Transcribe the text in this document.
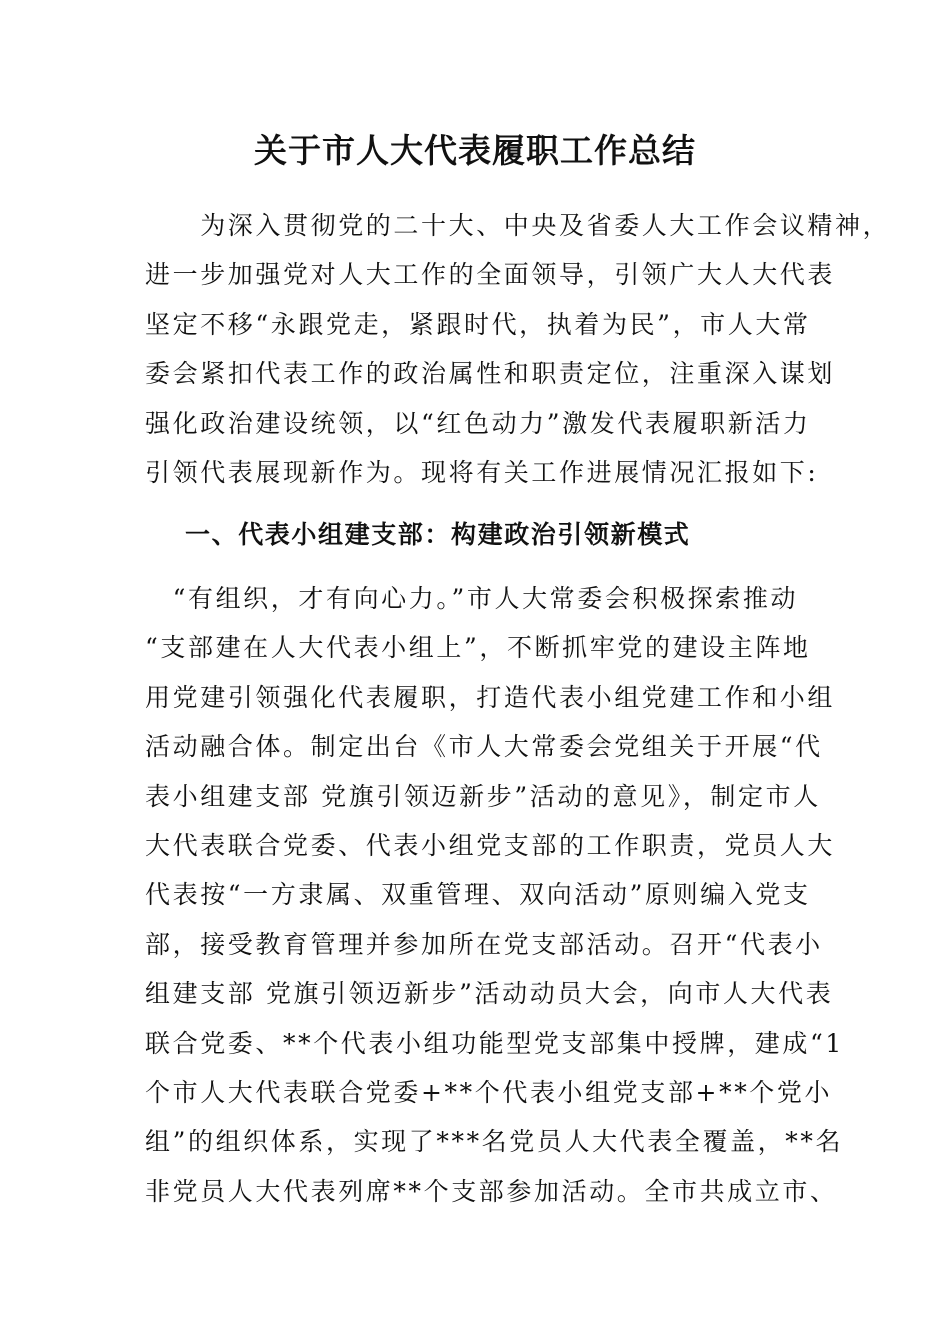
关于市人大代表履职工作总结
　　为深入贯彻党的二十大、中央及省委人大工作会议精神，
进一步加强党对人大工作的全面领导，引领广大人大代表
坚定不移“永跟党走，紧跟时代，执着为民”，市人大常
委会紧扣代表工作的政治属性和职责定位，注重深入谋划
强化政治建设统领，以“红色动力”激发代表履职新活力
引领代表展现新作为。现将有关工作进展情况汇报如下:
一、代表小组建支部：构建政治引领新模式
　“有组织，才有向心力。”市人大常委会积极探索推动
“支部建在人大代表小组上”，不断抓牢党的建设主阵地
用党建引领强化代表履职，打造代表小组党建工作和小组
活动融合体。制定出台《市人大常委会党组关于开展“代
表小组建支部 党旗引领迈新步”活动的意见》，制定市人
大代表联合党委、代表小组党支部的工作职责，党员人大
代表按“一方隶属、双重管理、双向活动”原则编入党支
部，接受教育管理并参加所在党支部活动。召开“代表小
组建支部 党旗引领迈新步”活动动员大会，向市人大代表
联合党委、**个代表小组功能型党支部集中授牌，建成“1
个市人大代表联合党委+**个代表小组党支部+**个党小
组”的组织体系，实现了***名党员人大代表全覆盖，**名
非党员人大代表列席**个支部参加活动。全市共成立市、
